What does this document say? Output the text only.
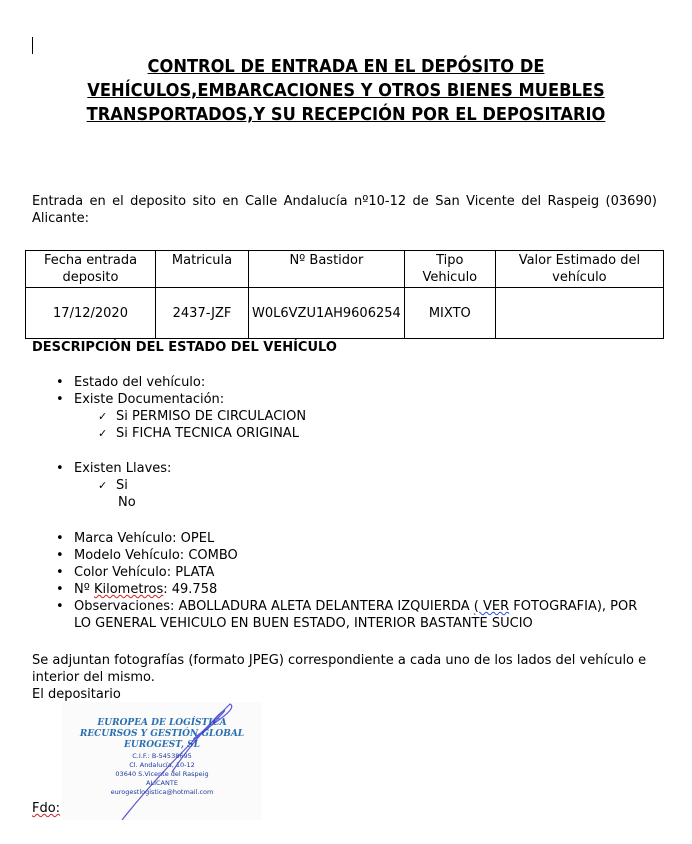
CONTROL DE ENTRADA EN EL DEPÓSITO DE
VEHÍCULOS,EMBARCACIONES Y OTROS BIENES MUEBLES
TRANSPORTADOS,Y SU RECEPCIÓN POR EL DEPOSITARIO
Entrada en el deposito sito en Calle Andalucía nº10-12 de San Vicente del Raspeig (03690) Alicante:
Fecha entrada deposito	Matricula	Nº Bastidor	Tipo Vehiculo	Valor Estimado del vehículo
17/12/2020	2437-JZF	W0L6VZU1AH9606254	MIXTO	
DESCRIPCIÓN DEL ESTADO DEL VEHÍCULO
• Estado del vehículo:
• Existe Documentación:
✓ Si PERMISO DE CIRCULACION
✓ Si FICHA TECNICA ORIGINAL
• Existen Llaves:
✓ Si
No
• Marca Vehículo: OPEL
• Modelo Vehículo: COMBO
• Color Vehículo: PLATA
• Nº Kilometros: 49.758
• Observaciones: ABOLLADURA ALETA DELANTERA IZQUIERDA ( VER FOTOGRAFIA), POR LO GENERAL VEHICULO EN BUEN ESTADO, INTERIOR BASTANTE SUCIO
Se adjuntan fotografías (formato JPEG) correspondiente a cada uno de los lados del vehículo e interior del mismo.
El depositario
EUROPEA DE LOGÍSTICA
RECURSOS Y GESTIÓN GLOBAL
EUROGEST, SL
C.I.F.: B-54538695
Cl. Andalucía, 10-12
03640 S.Vicente del Raspeig
ALICANTE
eurogestlogistica@hotmail.com
Fdo:
